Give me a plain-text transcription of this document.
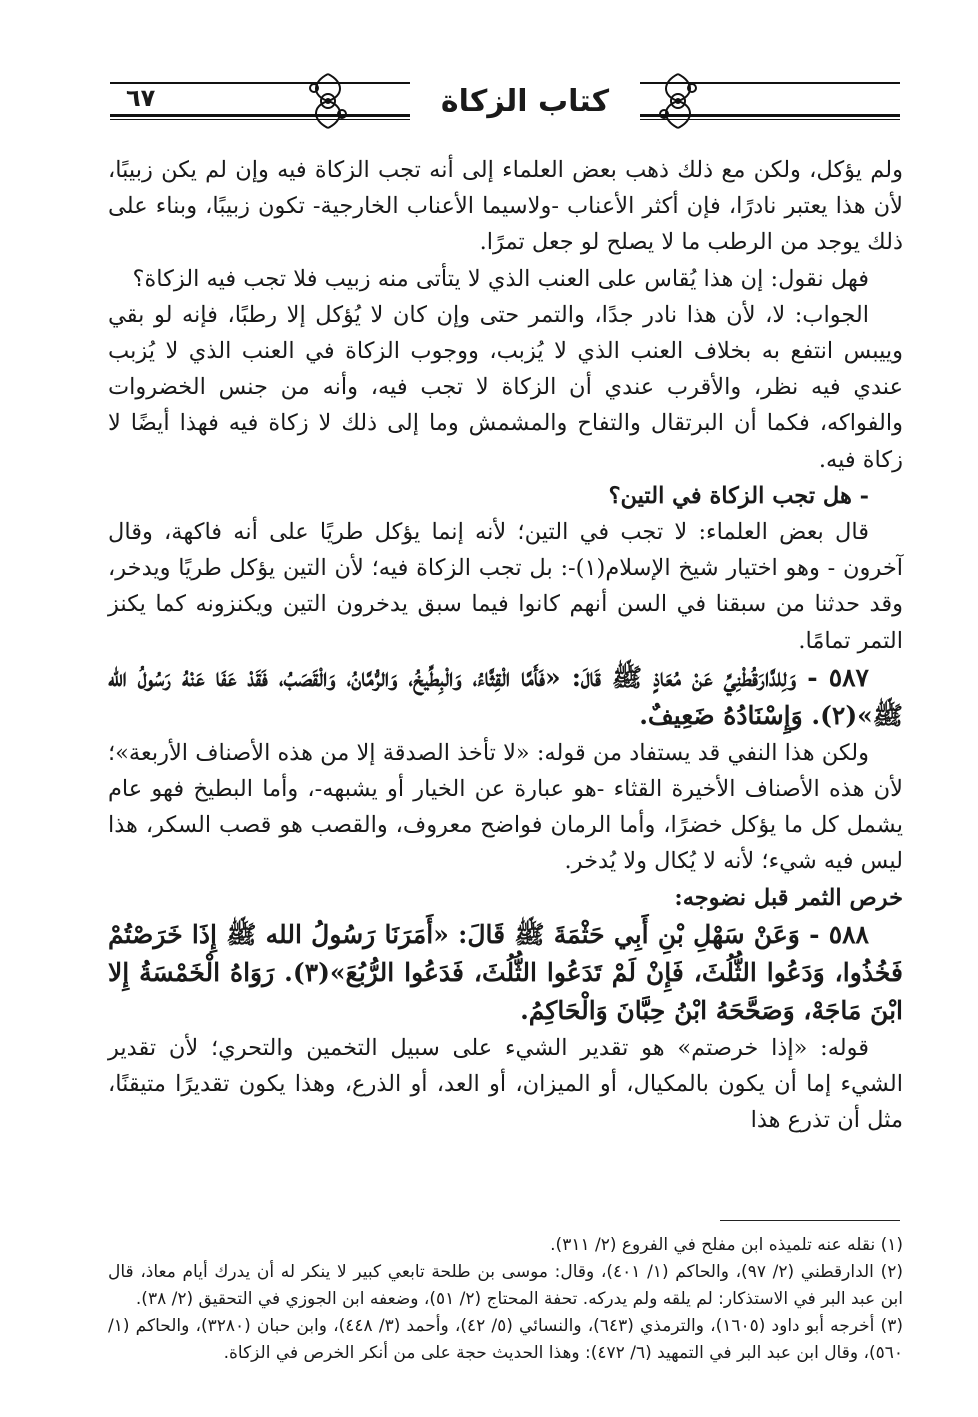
٦٧	كتاب الزكاة

ولم يؤكل، ولكن مع ذلك ذهب بعض العلماء إلى أنه تجب الزكاة فيه وإن لم يكن زبيبًا، لأن هذا يعتبر نادرًا، فإن أكثر الأعناب -ولاسيما الأعناب الخارجية- تكون زبيبًا، وبناء على ذلك يوجد من الرطب ما لا يصلح لو جعل تمرًا.

فهل نقول: إن هذا يُقاس على العنب الذي لا يتأتى منه زبيب فلا تجب فيه الزكاة؟

الجواب: لا، لأن هذا نادر جدًا، والتمر حتى وإن كان لا يُؤكل إلا رطبًا، فإنه لو بقي وييبس انتفع به بخلاف العنب الذي لا يُزبب، ووجوب الزكاة في العنب الذي لا يُزبب عندي فيه نظر، والأقرب عندي أن الزكاة لا تجب فيه، وأنه من جنس الخضروات والفواكه، فكما أن البرتقال والتفاح والمشمش وما إلى ذلك لا زكاة فيه فهذا أيضًا لا زكاة فيه.

- هل تجب الزكاة في التين؟

قال بعض العلماء: لا تجب في التين؛ لأنه إنما يؤكل طريًا على أنه فاكهة، وقال آخرون - وهو اختيار شيخ الإسلام(١)-: بل تجب الزكاة فيه؛ لأن التين يؤكل طريًا ويدخر، وقد حدثنا من سبقنا في السن أنهم كانوا فيما سبق يدخرون التين ويكنزونه كما يكنز التمر تمامًا.

٥٨٧ - وَلِلدَّارَقُطْنِيِّ عَنْ مُعَاذٍ ﷺ قَالَ: «فَأَمَّا الْقِثَّاءُ، وَالْبِطِّيخُ، وَالرُّمَّانُ، وَالْقَصَبُ، فَقَدْ عَفَا عَنْهُ رَسُولُ الله ﷺ»(٢). وَإِسْنَادُهُ ضَعِيفٌ.

ولكن هذا النفي قد يستفاد من قوله: «لا تأخذ الصدقة إلا من هذه الأصناف الأربعة»؛ لأن هذه الأصناف الأخيرة القثاء -هو عبارة عن الخيار أو يشبهه-، وأما البطيخ فهو عام يشمل كل ما يؤكل خضرًا، وأما الرمان فواضح معروف، والقصب هو قصب السكر، هذا ليس فيه شيء؛ لأنه لا يُكال ولا يُدخر.

خرص الثمر قبل نضوجه:

٥٨٨ - وَعَنْ سَهْلِ بْنِ أَبِي حَثْمَةَ ﷺ قَالَ: «أَمَرَنَا رَسُولُ الله ﷺ إِذَا خَرَصْتُمْ فَخُذُوا، وَدَعُوا الثُّلُثَ، فَإِنْ لَمْ تَدَعُوا الثُّلُثَ، فَدَعُوا الرُّبُعَ»(٣). رَوَاهُ الْخَمْسَةُ إِلا ابْنَ مَاجَهْ، وَصَحَّحَهُ ابْنُ حِبَّانَ وَالْحَاكِمُ.

قوله: «إذا خرصتم» هو تقدير الشيء على سبيل التخمين والتحري؛ لأن تقدير الشيء إما أن يكون بالمكيال، أو الميزان، أو العد، أو الذرع، وهذا يكون تقديرًا متيقنًا، مثل أن تذرع هذا

(١) نقله عنه تلميذه ابن مفلح في الفروع (٢/ ٣١١).

(٢) الدارقطني (٢/ ٩٧)، والحاكم (١/ ٤٠١)، وقال: موسى بن طلحة تابعي كبير لا ينكر له أن يدرك أيام معاذ، قال ابن عبد البر في الاستذكار: لم يلقه ولم يدركه. تحفة المحتاج (٢/ ٥١)، وضعفه ابن الجوزي في التحقيق (٢/ ٣٨).

(٣) أخرجه أبو داود (١٦٠٥)، والترمذي (٦٤٣)، والنسائي (٥/ ٤٢)، وأحمد (٣/ ٤٤٨)، وابن حبان (٣٢٨٠)، والحاكم (١/ ٥٦٠)، وقال ابن عبد البر في التمهيد (٦/ ٤٧٢): وهذا الحديث حجة على من أنكر الخرص في الزكاة.
